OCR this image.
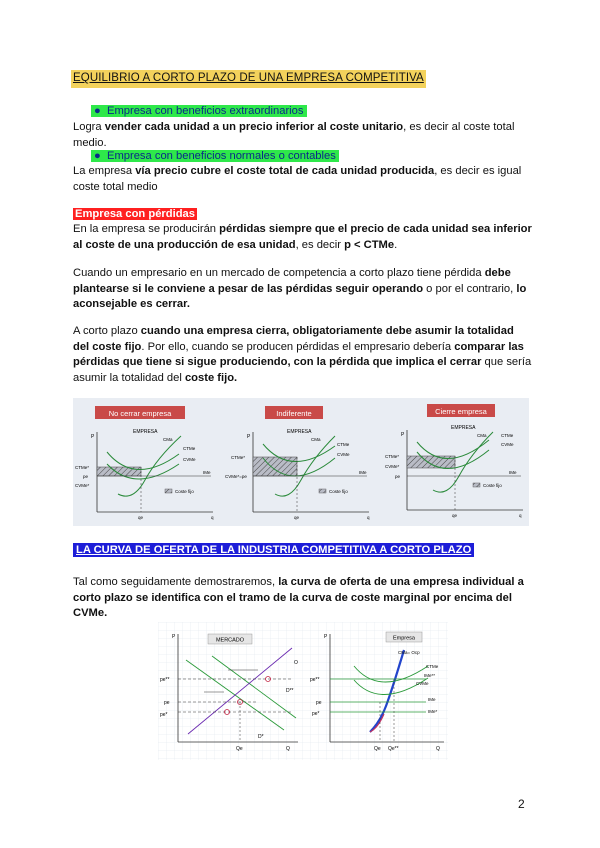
EQUILIBRIO A CORTO PLAZO DE UNA EMPRESA COMPETITIVA
●  Empresa con beneficios extraordinarios

Logra vender cada unidad a un precio inferior al coste unitario, es decir al coste total medio.

●  Empresa con beneficios normales o contables

La empresa vía precio cubre el coste total de cada unidad producida, es decir es igual coste total medio

Empresa con pérdidas

En la empresa se producirán pérdidas siempre que el precio de cada unidad sea inferior al coste de una producción de esa unidad, es decir p < CTMe.

Cuando un empresario en un mercado de competencia a corto plazo tiene pérdida debe plantearse si le conviene a pesar de las pérdidas seguir operando o por el contrario, lo aconsejable es cerrar.

A corto plazo cuando una empresa cierra, obligatoriamente debe asumir la totalidad del coste fijo. Por ello, cuando se producen pérdidas el empresario debería comparar las pérdidas que tiene si sigue produciendo, con la pérdida que implica el cerrar que sería asumir la totalidad del coste fijo.

No cerrar empresa
P
EMPRESA
CMa
CTMe
CVMe
IMe
CTMe*
pe
CVMe*
Coste fijo
qe	q
Indiferente
P
EMPRESA
CMa
CTMe
CVMe
IMe
CTMe*
CVMe*=pe
Coste fijo
qe	q
Cierre empresa
P
EMPRESA
CMa	CTMe
CVMe
IMe
CTMe*
CVMe*
pe
Coste fijo
qe	q
LA CURVA DE OFERTA DE LA INDUSTRIA COMPETITIVA A CORTO PLAZO

Tal como seguidamente demostraremos, la curva de oferta de una empresa individual a corto plazo se identifica con el tramo de la curva de coste marginal por encima del CVMe.

MERCADO
P
pe**
pe
pe*
O
D**
D*
Qe	Q
Empresa
P
CMa= Ocp
CTMe
IMe**
CVMe
IMe
IMe*
pe**
pe
pe*
Qe Qe**	Q
2
